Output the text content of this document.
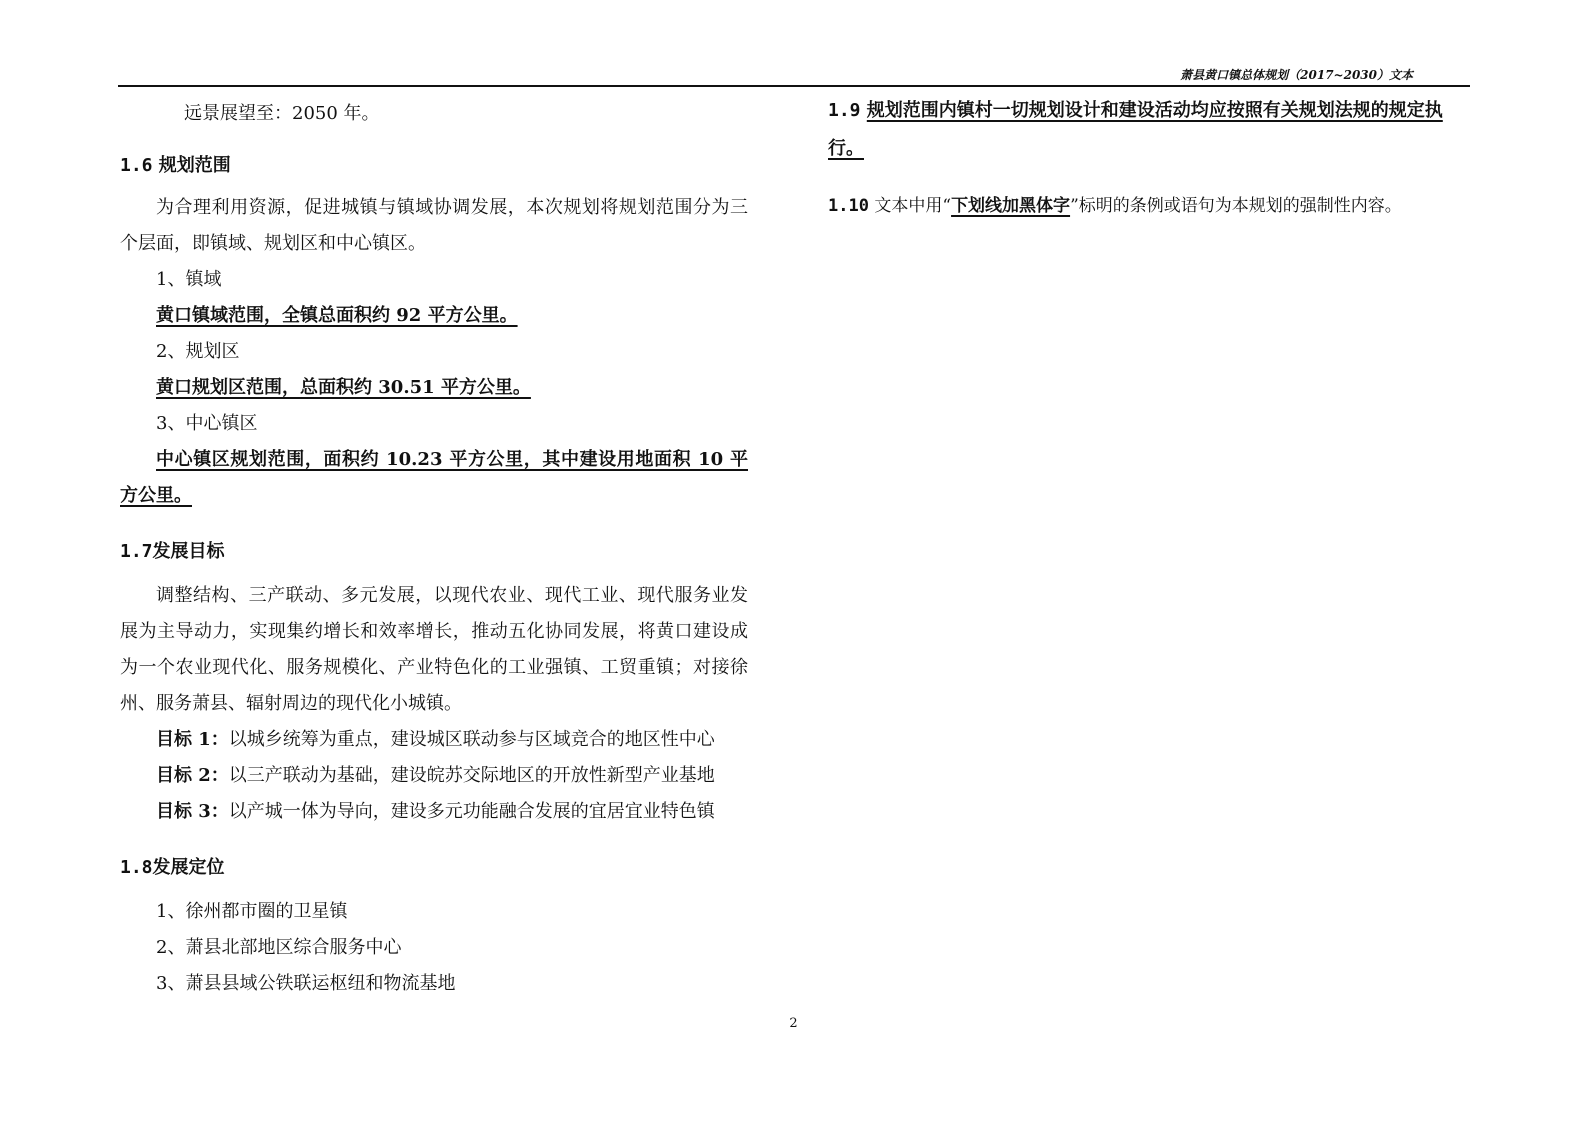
萧县黄口镇总体规划（2017~2030）文本
远景展望至：2050 年。
1.6 规划范围
为合理利用资源，促进城镇与镇域协调发展，本次规划将规划范围分为三个层面，即镇域、规划区和中心镇区。
1、镇域
黄口镇域范围，全镇总面积约 92 平方公里。
2、规划区
黄口规划区范围，总面积约 30.51 平方公里。
3、中心镇区
中心镇区规划范围，面积约 10.23 平方公里，其中建设用地面积 10 平方公里。
1.7发展目标
调整结构、三产联动、多元发展，以现代农业、现代工业、现代服务业发展为主导动力，实现集约增长和效率增长，推动五化协同发展，将黄口建设成为一个农业现代化、服务规模化、产业特色化的工业强镇、工贸重镇；对接徐州、服务萧县、辐射周边的现代化小城镇。
目标 1：以城乡统筹为重点，建设城区联动参与区域竞合的地区性中心
目标 2：以三产联动为基础，建设皖苏交际地区的开放性新型产业基地
目标 3：以产城一体为导向，建设多元功能融合发展的宜居宜业特色镇
1.8发展定位
1、徐州都市圈的卫星镇
2、萧县北部地区综合服务中心
3、萧县县域公铁联运枢纽和物流基地
1.9 规划范围内镇村一切规划设计和建设活动均应按照有关规划法规的规定执行。
1.10 文本中用“下划线加黑体字”标明的条例或语句为本规划的强制性内容。
2
